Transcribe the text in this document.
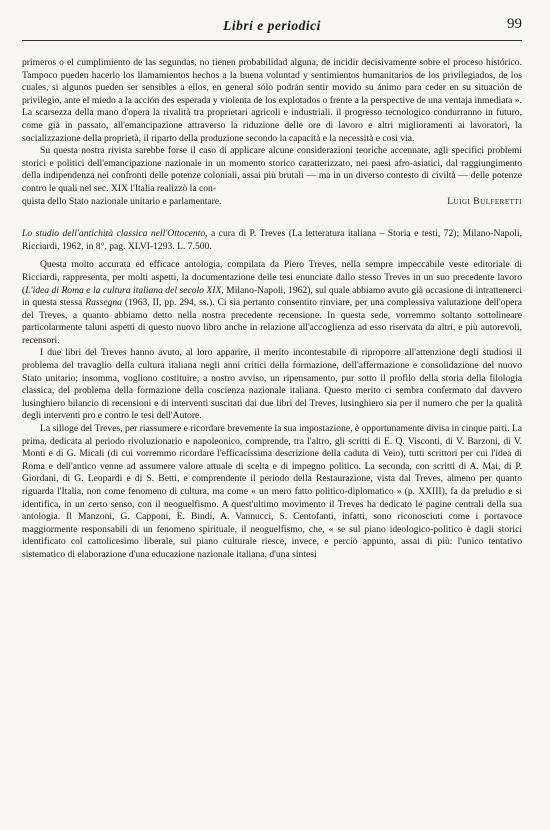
Libri e periodici	99

primeros o el cumplimiento de las segundas, no tienen probabilidad alguna, de incidir decisivamente sobre el proceso histórico. Tampoco pueden hacerlo los llamamientos hechos a la buena voluntad y sentimientos humanitarios de los privilegiados, de los cuales, si algunos pueden ser sensibles a ellos, en general sólo podrán sentir movido su ánimo para ceder en su situación de privilegio, ante el miedo a la acción des esperada y violenta de los explotados o frente a la perspective de una ventaja inmediata ». La scarsezza della mano d'opera la rivalità tra proprietari agricoli e industriali. il progresso tecnologico condurranno in futuro, come già in passato, all'emancipazione attraverso la riduzione delle ore di lavoro e altri miglioramenti ai lavoratori, la socializzazione della proprietà, il riparto della produzione secondo la capacità e la necessità e così via.

Su questa nostra rivista sarebbe forse il caso di applicare alcune considerazioni teoriche accennate, agli specifici problemi storici e politici dell'emancipazione nazionale in un momento storico caratterizzato, nei paesi afro-asiatici, dal raggiungimento della indipendenza nei confronti delle potenze coloniali, assai più brutali — ma in un diverso contesto di civiltà — delle potenze contro le quali nel sec. XIX l'Italia realizzò la con-

quista dello Stato nazionale unitario e parlamentare.	Luigi Bulferetti

Lo studio dell'antichità classica nell'Ottocento, a cura di P. Treves (La letteratura italiana – Storia e testi, 72); Milano-Napoli, Ricciardi, 1962, in 8°, pag. XLVI-1293. L. 7.500.

Questa molto accurata ed efficace antologia, compilata da Piero Treves, nella sempre impeccabile veste editoriale di Ricciardi, rappresenta, per molti aspetti, la documentazione delle tesi enunciate dallo stesso Treves in un suo precedente lavoro (L'idea di Roma e la cultura italiana del secolo XIX, Milano-Napoli, 1962), sul quale abbiamo avuto già occasione di intrattenerci in questa stessa Rassegna (1963, II, pp. 294, ss.). Ci sia pertanto consentito rinviare, per una complessiva valutazione dell'opera del Treves, a quanto abbiamo detto nella nostra precedente recensione. In questa sede, vorremmo soltanto sottolineare particolarmente taluni aspetti di questo nuovo libro anche in relazione all'accoglienza ad esso riservata da altri, e più autorevoli, recensori.

I due libri del Treves hanno avuto, al loro apparire, il merito incontestabile di riproporre all'attenzione degli studiosi il problema del travaglio della cultura italiana negli anni critici della formazione, dell'affermazione e consolidazione del nuovo Stato unitario; insomma, vogliono costituire, a nostro avviso, un ripensamento, pur sotto il profilo della storia della filologia classica, del problema della formazione della coscienza nazionale italiana. Questo merito ci sembra confermato dal davvero lusinghiero bilancio di recensioni e di interventi suscitati dai due libri del Treves, lusinghiero sia per il numero che per la qualità degli interventi pro e contro le tesi dell'Autore.

La silloge del Treves, per riassumere e ricordare brevemente la sua impostazione, è opportunamente divisa in cinque parti. La prima, dedicata al periodo rivoluzionario e napoleonico, comprende, tra l'altro, gli scritti di E. Q. Visconti, di V. Barzoni, di V. Monti e di G. Micali (di cui vorremmo ricordare l'efficacissima descrizione della caduta di Veio), tutti scrittori per cui l'idea di Roma e dell'antico venne ad assumere valore attuale di scelta e di impegno politico. La seconda, con scritti di A. Mai, di P. Giordani, di G. Leopardi e di S. Betti, e comprendente il periodo della Restaurazione, vista dal Treves, almeno per quanto riguarda l'Italia, non come fenomeno di cultura, ma come « un mero fatto politico-diplomatico » (p. XXIII), fa da preludio e si identifica, in un certo senso, con il neoguelfismo. A quest'ultimo movimento il Treves ha dedicato le pagine centrali della sua antologia. Il Manzoni, G. Capponi, E. Bindi, A. Vannucci, S. Centofanti, infatti, sono riconosciuti come i portavoce maggiormente responsabili di un fenomeno spirituale, il neoguelfismo, che, « se sul piano ideologico-politico è dagli storici identificato col cattolicesimo liberale, sul piano culturale riesce, invece, e perciò appunto, assai di più: l'unico tentativo sistematico di elaborazione d'una educazione nazionale italiana, d'una sintesi
